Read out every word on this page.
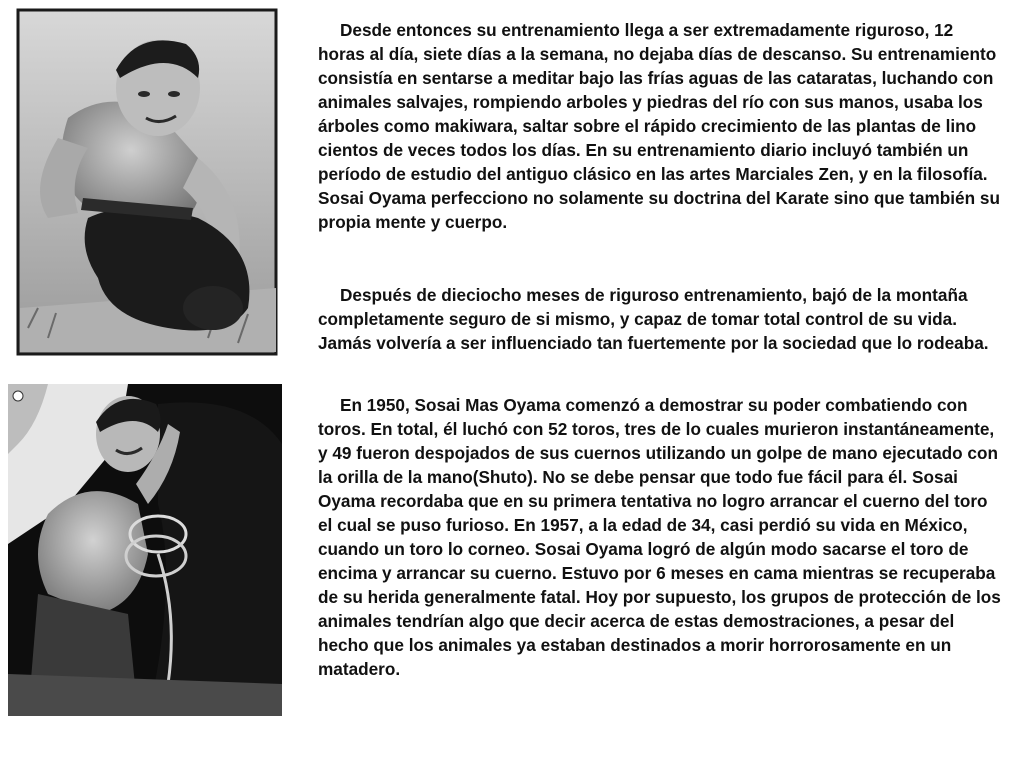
Desde entonces su entrenamiento llega a ser extremadamente riguroso, 12 horas al día, siete días a la semana, no dejaba días de descanso. Su entrenamiento consistía en sentarse a meditar bajo las frías aguas de las cataratas, luchando con animales salvajes, rompiendo arboles y piedras del río con sus manos, usaba los árboles como makiwara, saltar sobre el rápido crecimiento de las plantas de lino cientos de veces todos los días. En su entrenamiento diario incluyó también un período de estudio del antiguo clásico en las artes Marciales Zen, y en la filosofía. Sosai Oyama perfecciono no solamente su doctrina del Karate sino que también su propia mente y cuerpo.

Después de dieciocho meses de riguroso entrenamiento, bajó de la montaña completamente seguro de si mismo, y capaz de tomar total control de su vida. Jamás volvería a ser influenciado tan fuertemente por la sociedad que lo rodeaba.

En 1950, Sosai Mas Oyama comenzó a demostrar su poder combatiendo con toros. En total, él luchó con 52 toros, tres de lo cuales murieron instantáneamente, y 49 fueron despojados de sus cuernos utilizando un golpe de mano ejecutado con la orilla de la mano(Shuto). No se debe pensar que todo fue fácil para él. Sosai Oyama recordaba que en su primera tentativa no logro arrancar el cuerno del toro el cual se puso furioso. En 1957, a la edad de 34, casi perdió su vida en México, cuando un toro lo corneo. Sosai Oyama logró de algún modo sacarse el toro de encima y arrancar su cuerno. Estuvo por 6 meses en cama mientras se recuperaba de su herida generalmente fatal. Hoy por supuesto, los grupos de protección de los animales tendrían algo que decir acerca de estas demostraciones, a pesar del hecho que los animales ya estaban destinados a morir horrorosamente en un matadero.
